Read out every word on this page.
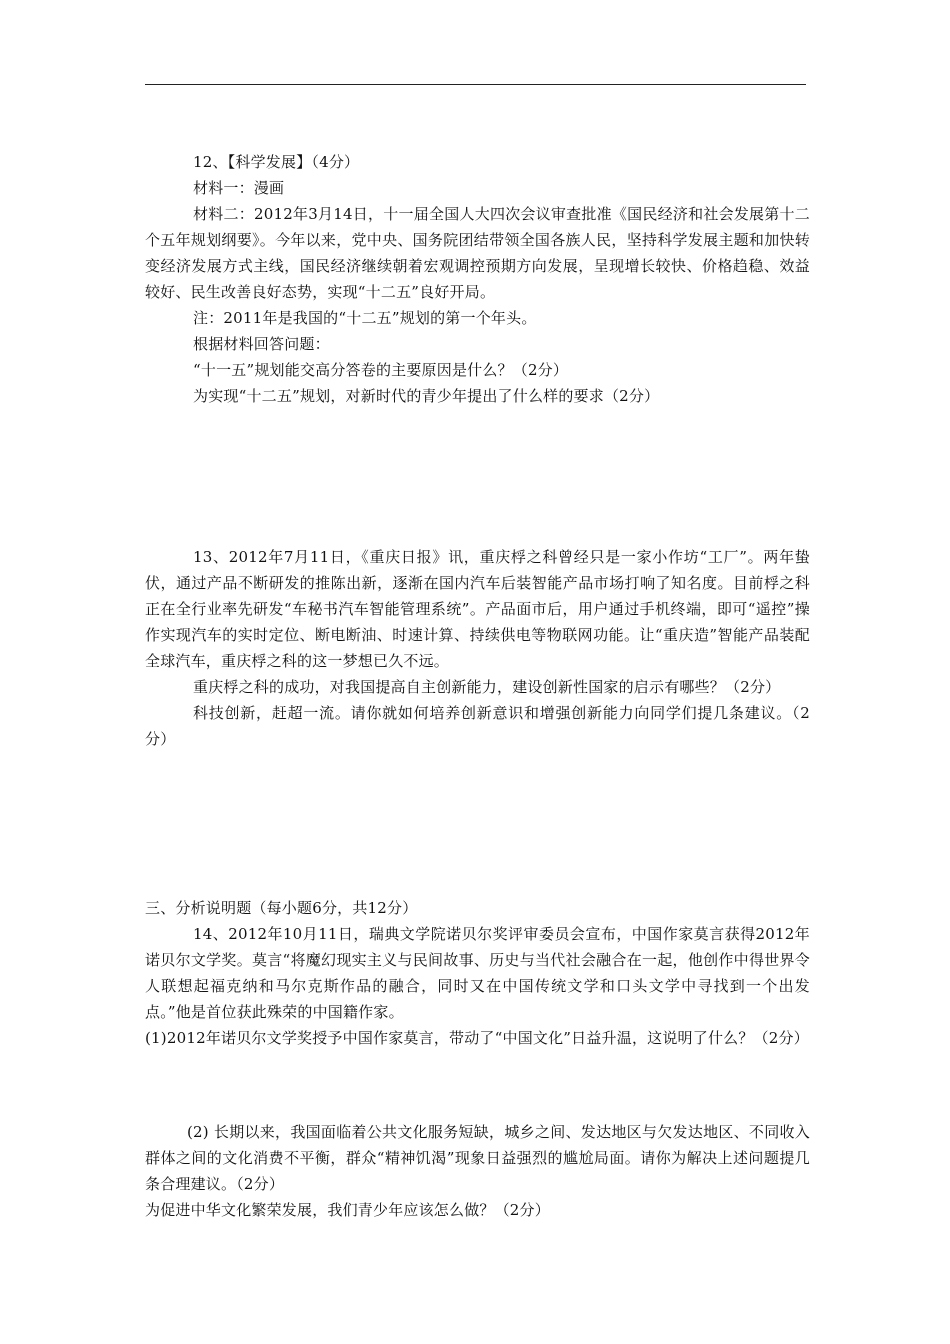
12、【科学发展】（4分）

材料一：漫画

材料二：2012年3月14日，十一届全国人大四次会议审查批准《国民经济和社会发展第十二个五年规划纲要》。今年以来，党中央、国务院团结带领全国各族人民，坚持科学发展主题和加快转变经济发展方式主线，国民经济继续朝着宏观调控预期方向发展，呈现增长较快、价格趋稳、效益较好、民生改善良好态势，实现“十二五”良好开局。

注：2011年是我国的“十二五”规划的第一个年头。

根据材料回答问题：

“十一五”规划能交高分答卷的主要原因是什么？（2分）

为实现“十二五”规划，对新时代的青少年提出了什么样的要求（2分）

13、2012年7月11日，《重庆日报》讯，重庆桴之科曾经只是一家小作坊“工厂”。两年蛰伏，通过产品不断研发的推陈出新，逐渐在国内汽车后装智能产品市场打响了知名度。目前桴之科正在全行业率先研发“车秘书汽车智能管理系统”。产品面市后，用户通过手机终端，即可“遥控”操作实现汽车的实时定位、断电断油、时速计算、持续供电等物联网功能。让“重庆造”智能产品装配全球汽车，重庆桴之科的这一梦想已久不远。

重庆桴之科的成功，对我国提高自主创新能力，建设创新性国家的启示有哪些？（2分）

科技创新，赶超一流。请你就如何培养创新意识和增强创新能力向同学们提几条建议。（2分）

三、分析说明题（每小题6分，共12分）

14、2012年10月11日，瑞典文学院诺贝尔奖评审委员会宣布，中国作家莫言获得2012年诺贝尔文学奖。莫言“将魔幻现实主义与民间故事、历史与当代社会融合在一起，他创作中得世界令人联想起福克纳和马尔克斯作品的融合，同时又在中国传统文学和口头文学中寻找到一个出发点。”他是首位获此殊荣的中国籍作家。

(1)2012年诺贝尔文学奖授予中国作家莫言，带动了“中国文化”日益升温，这说明了什么？（2分）

(2) 长期以来，我国面临着公共文化服务短缺，城乡之间、发达地区与欠发达地区、不同收入群体之间的文化消费不平衡，群众“精神饥渴”现象日益强烈的尴尬局面。请你为解决上述问题提几条合理建议。（2分）

为促进中华文化繁荣发展，我们青少年应该怎么做？（2分）
